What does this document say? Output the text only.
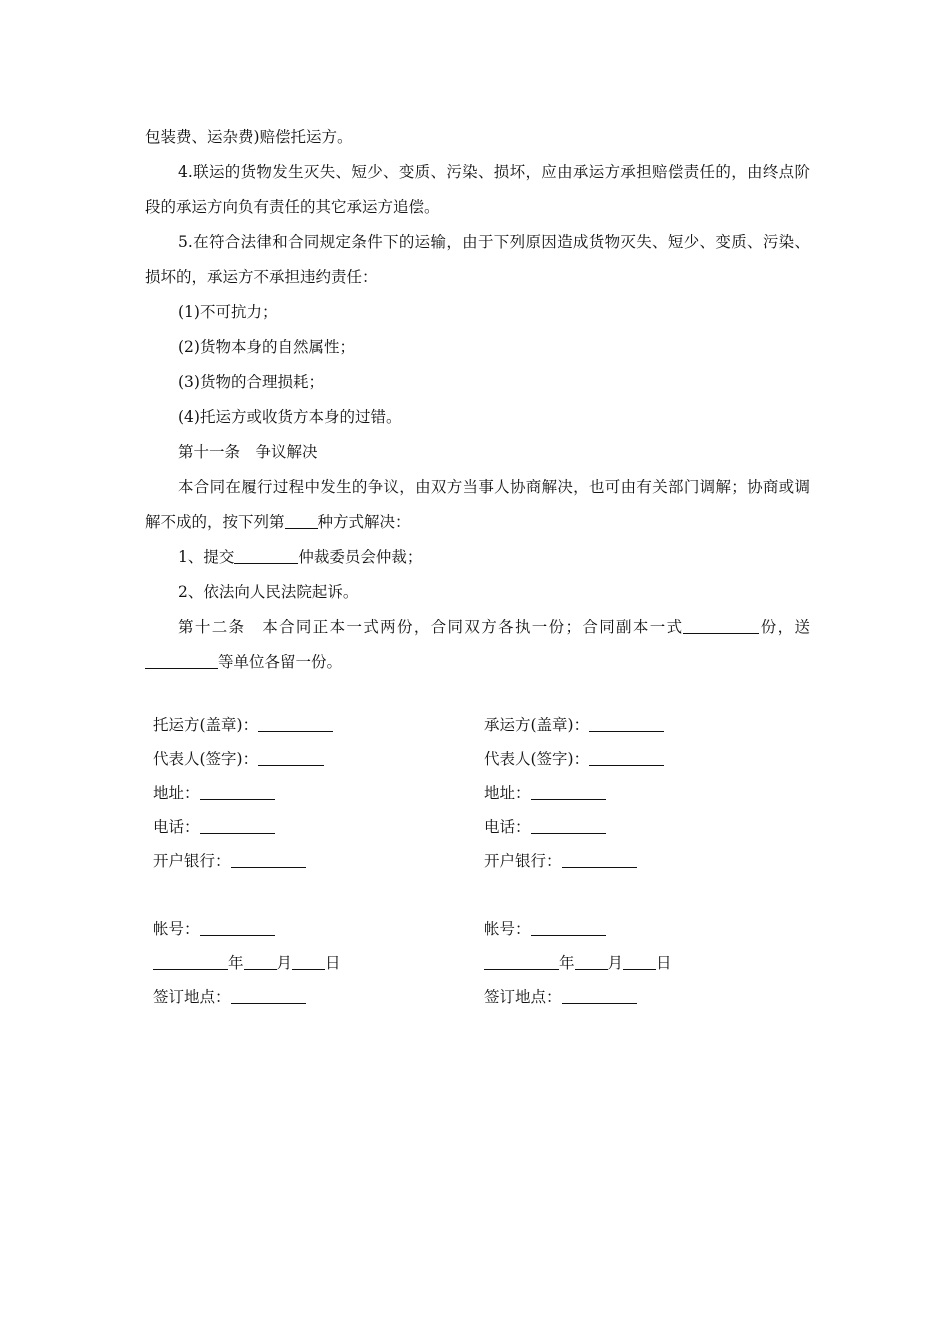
包装费、运杂费)赔偿托运方。

4.联运的货物发生灭失、短少、变质、污染、损坏，应由承运方承担赔偿责任的，由终点阶段的承运方向负有责任的其它承运方追偿。

5.在符合法律和合同规定条件下的运输，由于下列原因造成货物灭失、短少、变质、污染、损坏的，承运方不承担违约责任：

(1)不可抗力；

(2)货物本身的自然属性；

(3)货物的合理损耗；

(4)托运方或收货方本身的过错。

第十一条　争议解决

本合同在履行过程中发生的争议，由双方当事人协商解决，也可由有关部门调解；协商或调解不成的，按下列第 种方式解决：

1、提交	仲裁委员会仲裁；

2、依法向人民法院起诉。

第十二条　本合同正本一式两份，合同双方各执一份；合同副本一式	份，送等单位各留一份。

托运方(盖章)：
代表人(签字)：
地址：
电话：
开户银行：
帐号：
年 月 日
签订地点：
承运方(盖章)：
代表人(签字)：
地址：
电话：
开户银行：
帐号：
年 月 日
签订地点：
